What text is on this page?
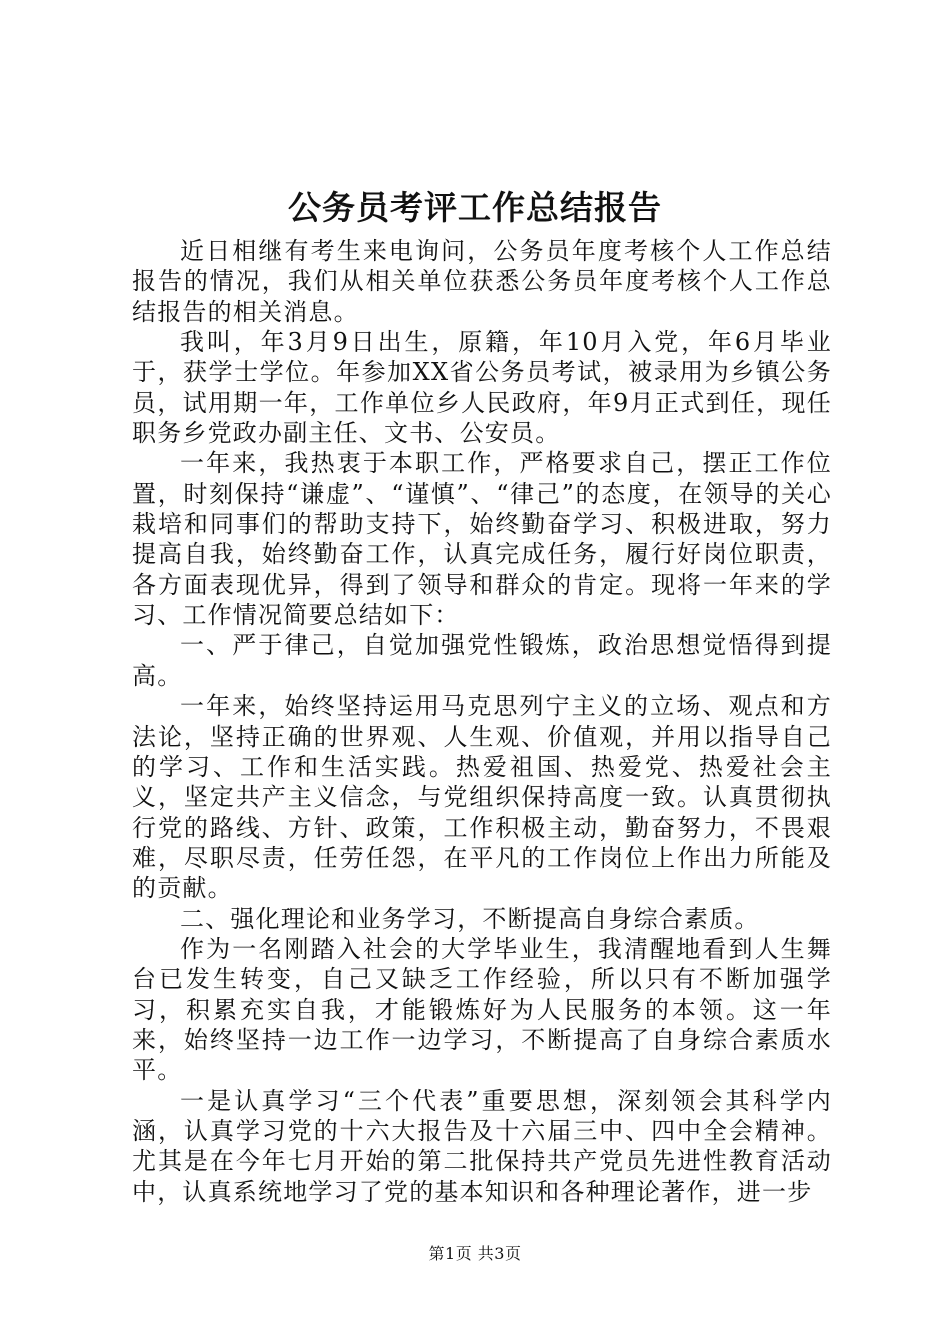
公务员考评工作总结报告

近日相继有考生来电询问，公务员年度考核个人工作总结报告的情况，我们从相关单位获悉公务员年度考核个人工作总结报告的相关消息。

我叫，年3月9日出生，原籍，年10月入党，年6月毕业于，获学士学位。年参加XX省公务员考试，被录用为乡镇公务员，试用期一年，工作单位乡人民政府，年9月正式到任，现任职务乡党政办副主任、文书、公安员。

一年来，我热衷于本职工作，严格要求自己，摆正工作位置，时刻保持“谦虚”、“谨慎”、“律己”的态度，在领导的关心栽培和同事们的帮助支持下，始终勤奋学习、积极进取，努力提高自我，始终勤奋工作，认真完成任务，履行好岗位职责，各方面表现优异，得到了领导和群众的肯定。现将一年来的学习、工作情况简要总结如下：

一、严于律己，自觉加强党性锻炼，政治思想觉悟得到提高。

一年来，始终坚持运用马克思列宁主义的立场、观点和方法论，坚持正确的世界观、人生观、价值观，并用以指导自己的学习、工作和生活实践。热爱祖国、热爱党、热爱社会主义，坚定共产主义信念，与党组织保持高度一致。认真贯彻执行党的路线、方针、政策，工作积极主动，勤奋努力，不畏艰难，尽职尽责，任劳任怨，在平凡的工作岗位上作出力所能及的贡献。

二、强化理论和业务学习，不断提高自身综合素质。

作为一名刚踏入社会的大学毕业生，我清醒地看到人生舞台已发生转变，自己又缺乏工作经验，所以只有不断加强学习，积累充实自我，才能锻炼好为人民服务的本领。这一年来，始终坚持一边工作一边学习，不断提高了自身综合素质水平。

一是认真学习“三个代表”重要思想，深刻领会其科学内涵，认真学习党的十六大报告及十六届三中、四中全会精神。尤其是在今年七月开始的第二批保持共产党员先进性教育活动中，认真系统地学习了党的基本知识和各种理论著作，进一步

第1页 共3页
